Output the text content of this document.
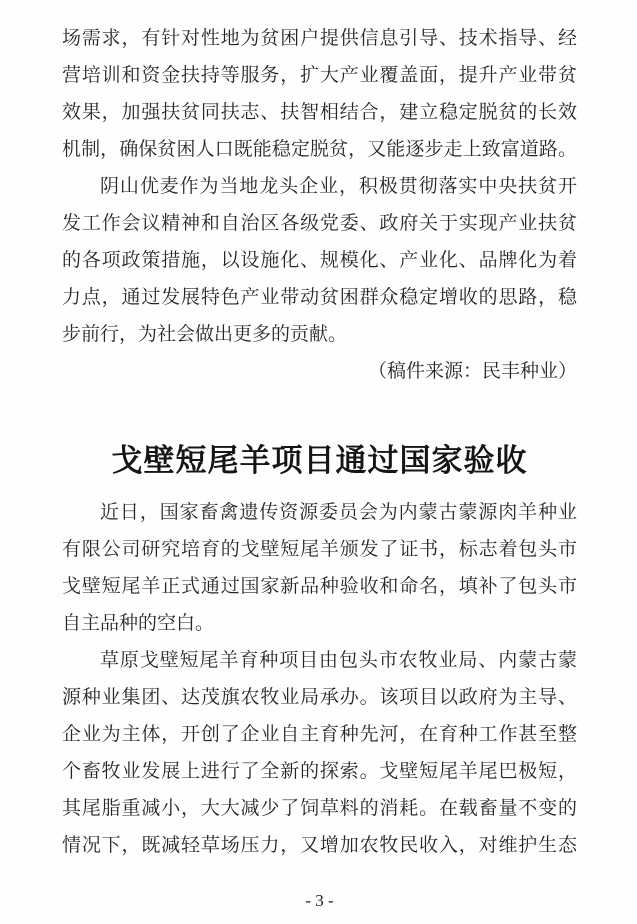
场需求，有针对性地为贫困户提供信息引导、技术指导、经
营培训和资金扶持等服务，扩大产业覆盖面，提升产业带贫
效果，加强扶贫同扶志、扶智相结合，建立稳定脱贫的长效
机制，确保贫困人口既能稳定脱贫，又能逐步走上致富道路。
阴山优麦作为当地龙头企业，积极贯彻落实中央扶贫开
发工作会议精神和自治区各级党委、政府关于实现产业扶贫
的各项政策措施，以设施化、规模化、产业化、品牌化为着
力点，通过发展特色产业带动贫困群众稳定增收的思路，稳
步前行，为社会做出更多的贡献。

（稿件来源：民丰种业）

戈壁短尾羊项目通过国家验收
近日，国家畜禽遗传资源委员会为内蒙古蒙源肉羊种业
有限公司研究培育的戈壁短尾羊颁发了证书，标志着包头市
戈壁短尾羊正式通过国家新品种验收和命名，填补了包头市
自主品种的空白。
草原戈壁短尾羊育种项目由包头市农牧业局、内蒙古蒙
源种业集团、达茂旗农牧业局承办。该项目以政府为主导、
企业为主体，开创了企业自主育种先河，在育种工作甚至整
个畜牧业发展上进行了全新的探索。戈壁短尾羊尾巴极短，
其尾脂重减小，大大减少了饲草料的消耗。在载畜量不变的
情况下，既减轻草场压力，又增加农牧民收入，对维护生态
- 3 -
